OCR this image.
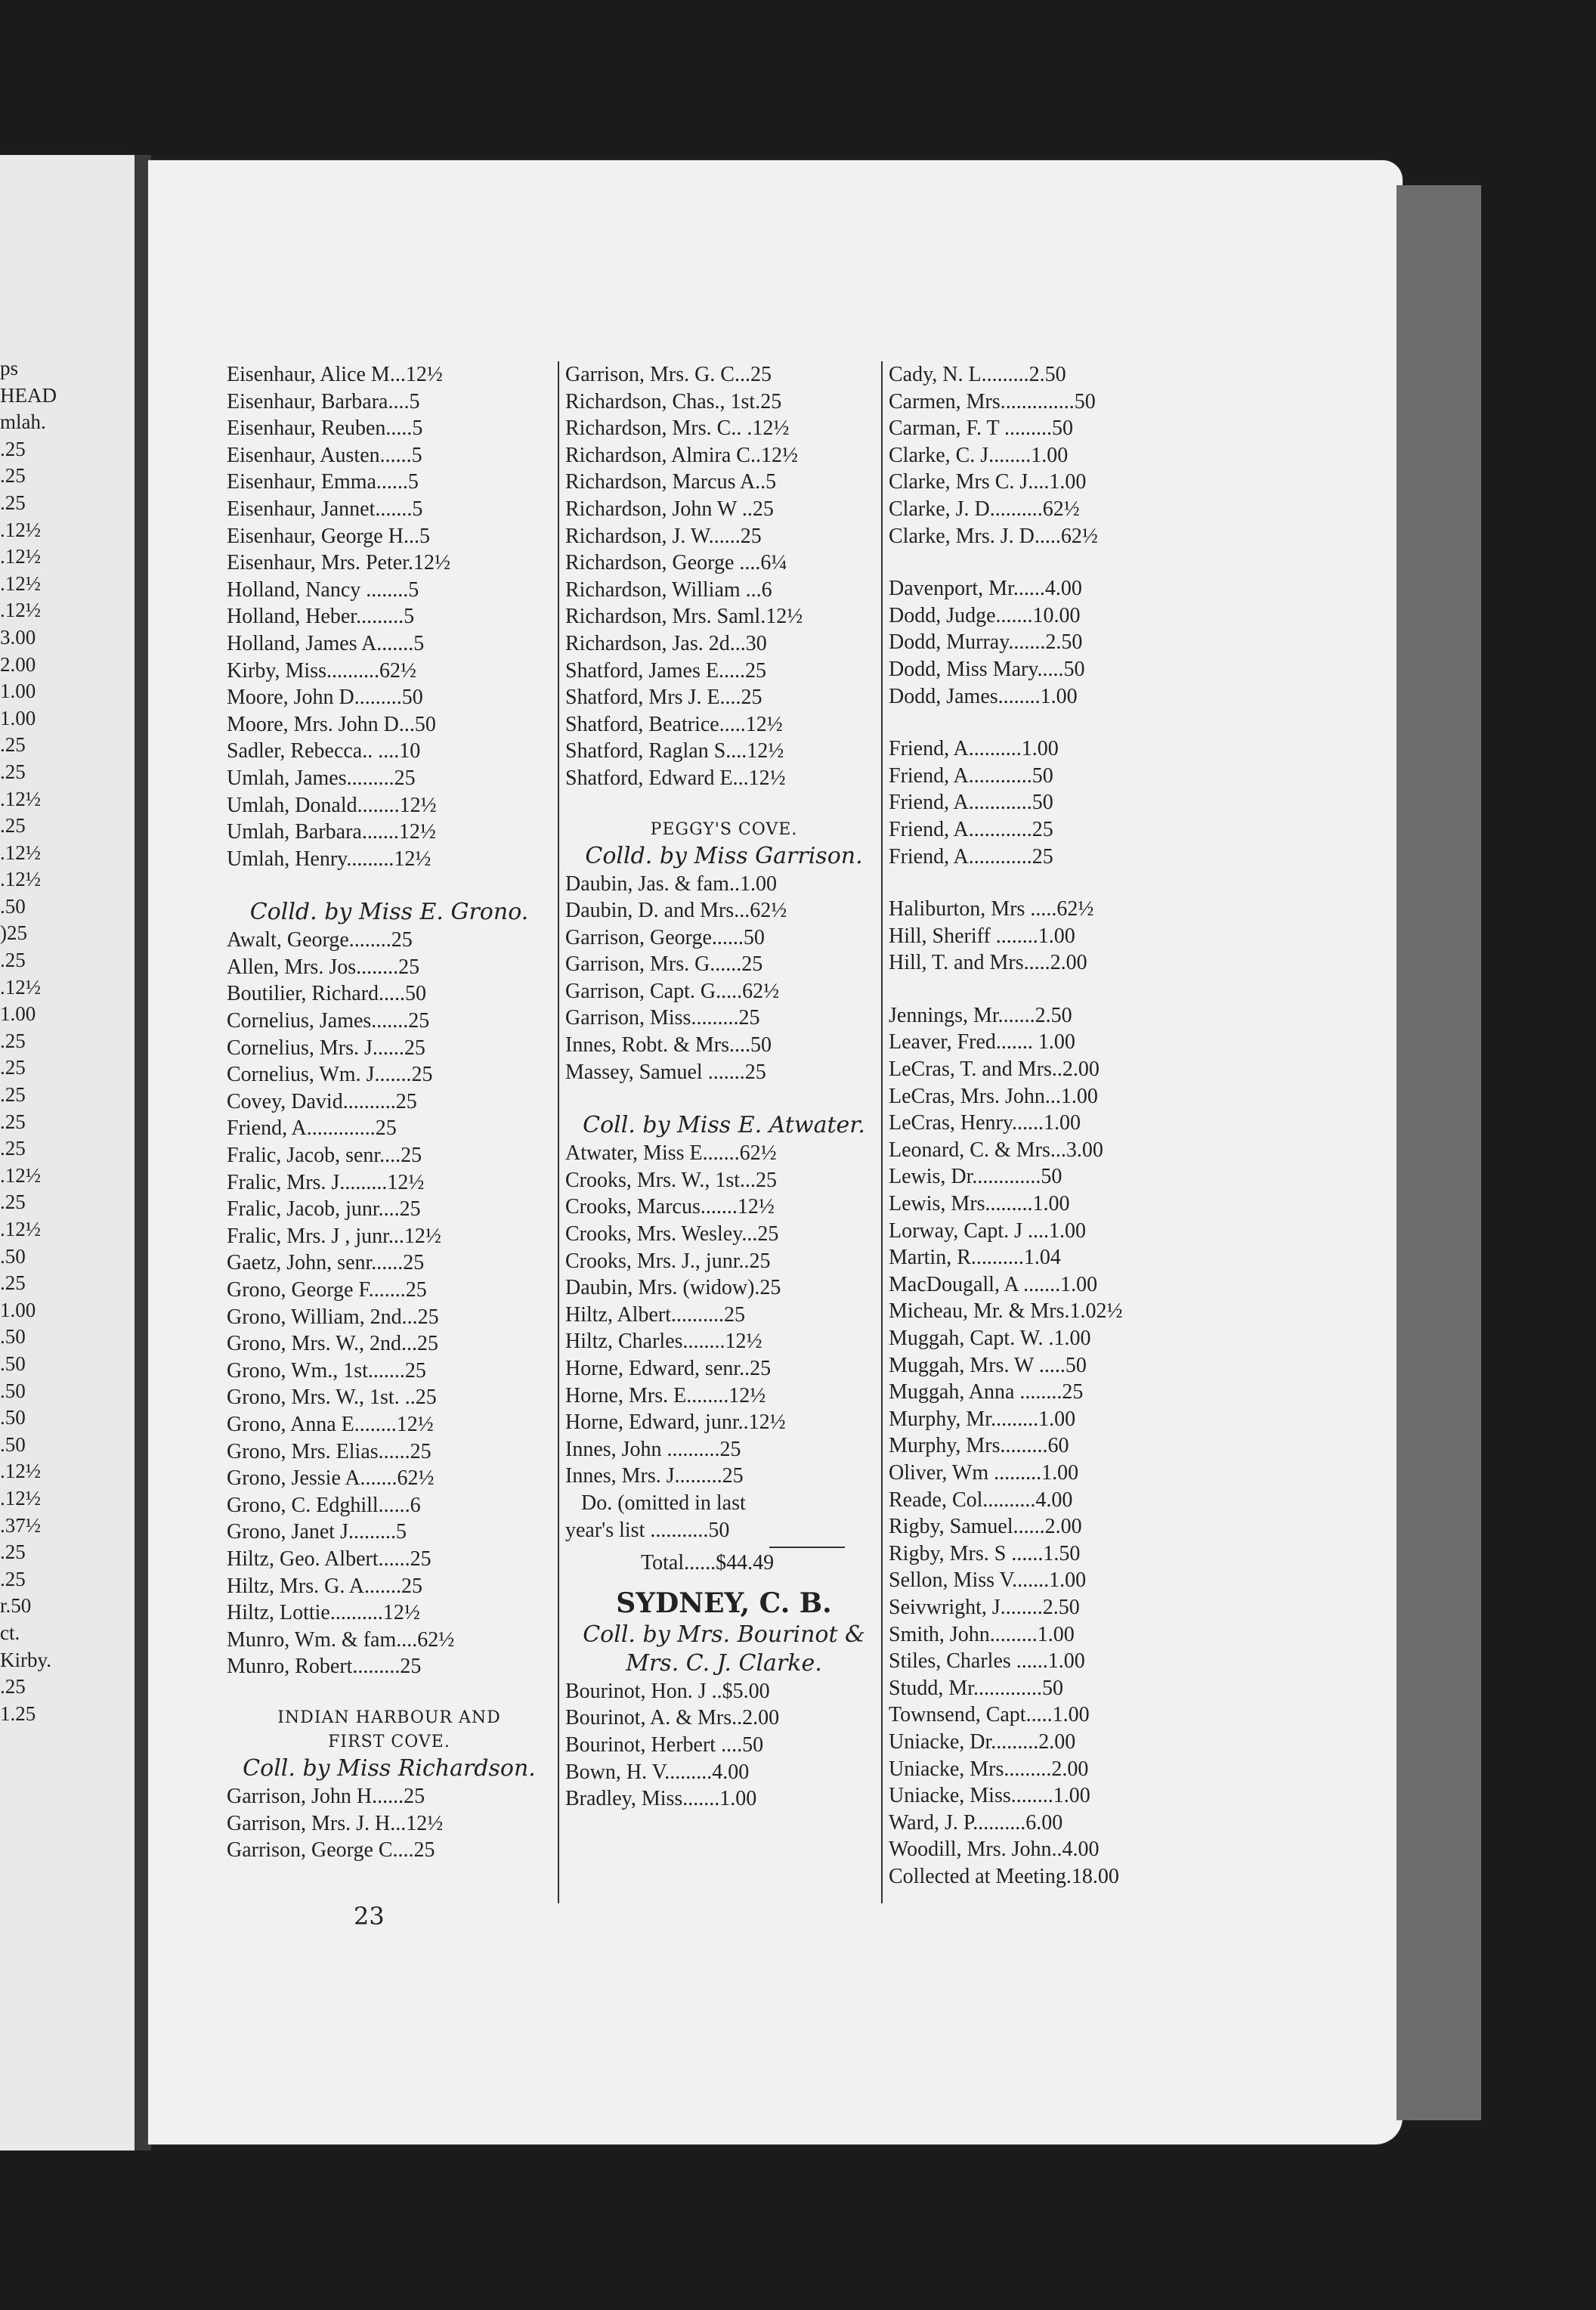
ps
HEAD
mlah.
.25
.25
.25
.12½
.12½
.12½
.12½
3.00
2.00
1.00
1.00
.25
.25
.12½
.25
.12½
.12½
.50
)25
.25
.12½
1.00
.25
.25
.25
.25
.25
.12½
.25
.12½
.50
.25
1.00
.50
.50
.50
.50
.50
.12½
.12½
.37½
.25
.25
r.50
ct.
Kirby.
.25
1.25
Eisenhaur, Alice M...12½
Eisenhaur, Barbara....5
Eisenhaur, Reuben.....5
Eisenhaur, Austen......5
Eisenhaur, Emma......5
Eisenhaur, Jannet.......5
Eisenhaur, George H...5
Eisenhaur, Mrs. Peter.12½
Holland, Nancy ........5
Holland, Heber.........5
Holland, James A.......5
Kirby, Miss..........62½
Moore, John D.........50
Moore, Mrs. John D...50
Sadler, Rebecca.. ....10
Umlah, James.........25
Umlah, Donald........12½
Umlah, Barbara.......12½
Umlah, Henry.........12½
Colld. by Miss E. Grono.
Awalt, George........25
Allen, Mrs. Jos........25
Boutilier, Richard.....50
Cornelius, James.......25
Cornelius, Mrs. J......25
Cornelius, Wm. J.......25
Covey, David..........25
Friend, A.............25
Fralic, Jacob, senr....25
Fralic, Mrs. J.........12½
Fralic, Jacob, junr....25
Fralic, Mrs. J , junr...12½
Gaetz, John, senr......25
Grono, George F.......25
Grono, William, 2nd...25
Grono, Mrs. W., 2nd...25
Grono, Wm., 1st.......25
Grono, Mrs. W., 1st. ..25
Grono, Anna E........12½
Grono, Mrs. Elias......25
Grono, Jessie A.......62½
Grono, C. Edghill......6
Grono, Janet J.........5
Hiltz, Geo. Albert......25
Hiltz, Mrs. G. A.......25
Hiltz, Lottie..........12½
Munro, Wm. & fam....62½
Munro, Robert.........25
INDIAN HARBOUR AND
FIRST COVE.
Coll. by Miss Richardson.
Garrison, John H......25
Garrison, Mrs. J. H...12½
Garrison, George C....25
Garrison, Mrs. G. C...25
Richardson, Chas., 1st.25
Richardson, Mrs. C.. .12½
Richardson, Almira C..12½
Richardson, Marcus A..5
Richardson, John W ..25
Richardson, J. W......25
Richardson, George ....6¼
Richardson, William ...6
Richardson, Mrs. Saml.12½
Richardson, Jas. 2d...30
Shatford, James E.....25
Shatford, Mrs J. E....25
Shatford, Beatrice.....12½
Shatford, Raglan S....12½
Shatford, Edward E...12½
PEGGY'S COVE.
Colld. by Miss Garrison.
Daubin, Jas. & fam..1.00
Daubin, D. and Mrs...62½
Garrison, George......50
Garrison, Mrs. G......25
Garrison, Capt. G.....62½
Garrison, Miss.........25
Innes, Robt. & Mrs....50
Massey, Samuel .......25
Coll. by Miss E. Atwater.
Atwater, Miss E.......62½
Crooks, Mrs. W., 1st...25
Crooks, Marcus.......12½
Crooks, Mrs. Wesley...25
Crooks, Mrs. J., junr..25
Daubin, Mrs. (widow).25
Hiltz, Albert..........25
Hiltz, Charles........12½
Horne, Edward, senr..25
Horne, Mrs. E........12½
Horne, Edward, junr..12½
Innes, John ..........25
Innes, Mrs. J.........25
Do. (omitted in last
year's list ...........50
Total......$44.49
SYDNEY, C. B.
Coll. by Mrs. Bourinot &
Mrs. C. J. Clarke.
Bourinot, Hon. J ..$5.00
Bourinot, A. & Mrs..2.00
Bourinot, Herbert ....50
Bown, H. V.........4.00
Bradley, Miss.......1.00
Cady, N. L.........2.50
Carmen, Mrs..............50
Carman, F. T .........50
Clarke, C. J........1.00
Clarke, Mrs C. J....1.00
Clarke, J. D..........62½
Clarke, Mrs. J. D.....62½
Davenport, Mr......4.00
Dodd, Judge.......10.00
Dodd, Murray.......2.50
Dodd, Miss Mary.....50
Dodd, James........1.00
Friend, A..........1.00
Friend, A............50
Friend, A............50
Friend, A............25
Friend, A............25
Haliburton, Mrs .....62½
Hill, Sheriff ........1.00
Hill, T. and Mrs.....2.00
Jennings, Mr.......2.50
Leaver, Fred....... 1.00
LeCras, T. and Mrs..2.00
LeCras, Mrs. John...1.00
LeCras, Henry......1.00
Leonard, C. & Mrs...3.00
Lewis, Dr.............50
Lewis, Mrs.........1.00
Lorway, Capt. J ....1.00
Martin, R..........1.04
MacDougall, A .......1.00
Micheau, Mr. & Mrs.1.02½
Muggah, Capt. W. .1.00
Muggah, Mrs. W .....50
Muggah, Anna ........25
Murphy, Mr.........1.00
Murphy, Mrs.........60
Oliver, Wm .........1.00
Reade, Col..........4.00
Rigby, Samuel......2.00
Rigby, Mrs. S ......1.50
Sellon, Miss V.......1.00
Seivwright, J........2.50
Smith, John.........1.00
Stiles, Charles ......1.00
Studd, Mr.............50
Townsend, Capt.....1.00
Uniacke, Dr.........2.00
Uniacke, Mrs.........2.00
Uniacke, Miss........1.00
Ward, J. P..........6.00
Woodill, Mrs. John..4.00
Collected at Meeting.18.00
23
